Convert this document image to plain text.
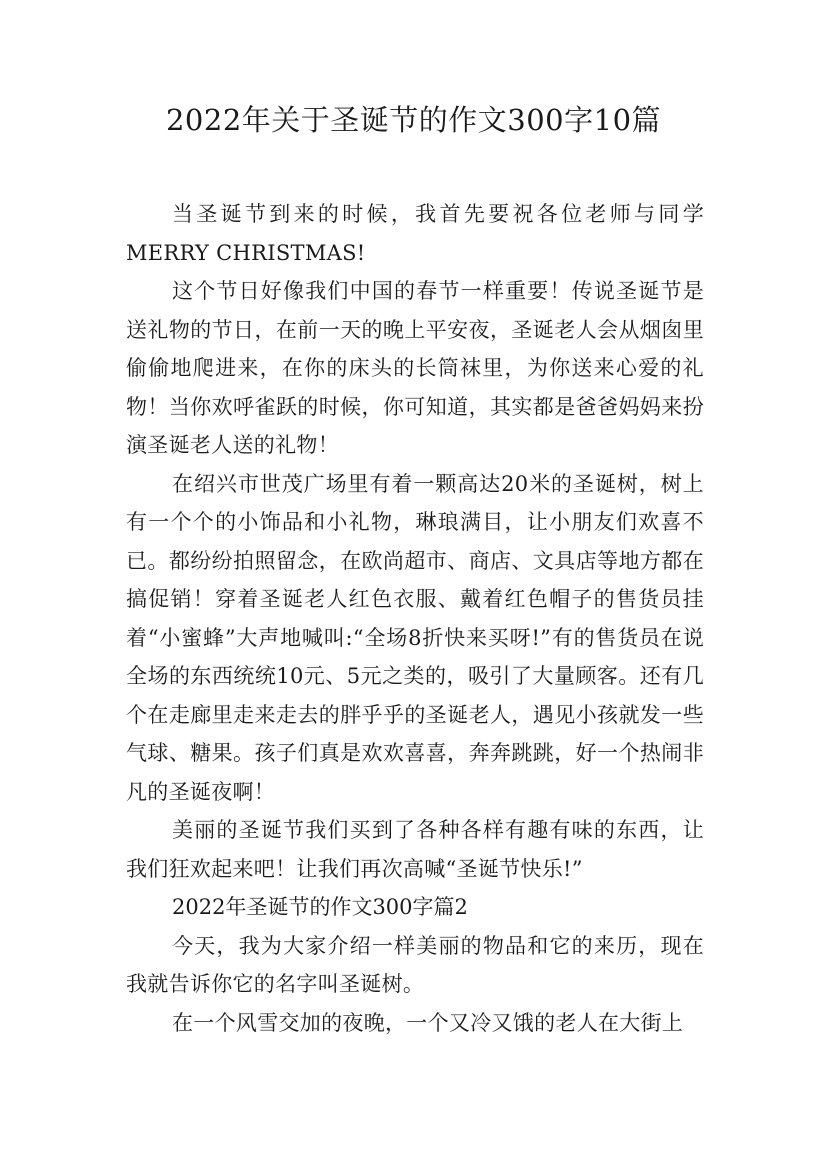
2022年关于圣诞节的作文300字10篇

当圣诞节到来的时候，我首先要祝各位老师与同学MERRY CHRISTMAS!

这个节日好像我们中国的春节一样重要！传说圣诞节是送礼物的节日，在前一天的晚上平安夜，圣诞老人会从烟囱里偷偷地爬进来，在你的床头的长筒袜里，为你送来心爱的礼物！当你欢呼雀跃的时候，你可知道，其实都是爸爸妈妈来扮演圣诞老人送的礼物！

在绍兴市世茂广场里有着一颗高达20米的圣诞树，树上有一个个的小饰品和小礼物，琳琅满目，让小朋友们欢喜不已。都纷纷拍照留念，在欧尚超市、商店、文具店等地方都在搞促销！穿着圣诞老人红色衣服、戴着红色帽子的售货员挂着“小蜜蜂”大声地喊叫:“全场8折快来买呀!”有的售货员在说全场的东西统统10元、5元之类的，吸引了大量顾客。还有几个在走廊里走来走去的胖乎乎的圣诞老人，遇见小孩就发一些气球、糖果。孩子们真是欢欢喜喜，奔奔跳跳，好一个热闹非凡的圣诞夜啊！

美丽的圣诞节我们买到了各种各样有趣有味的东西，让我们狂欢起来吧！让我们再次高喊“圣诞节快乐!”

2022年圣诞节的作文300字篇2

今天，我为大家介绍一样美丽的物品和它的来历，现在我就告诉你它的名字叫圣诞树。

在一个风雪交加的夜晚，一个又冷又饿的老人在大街上
